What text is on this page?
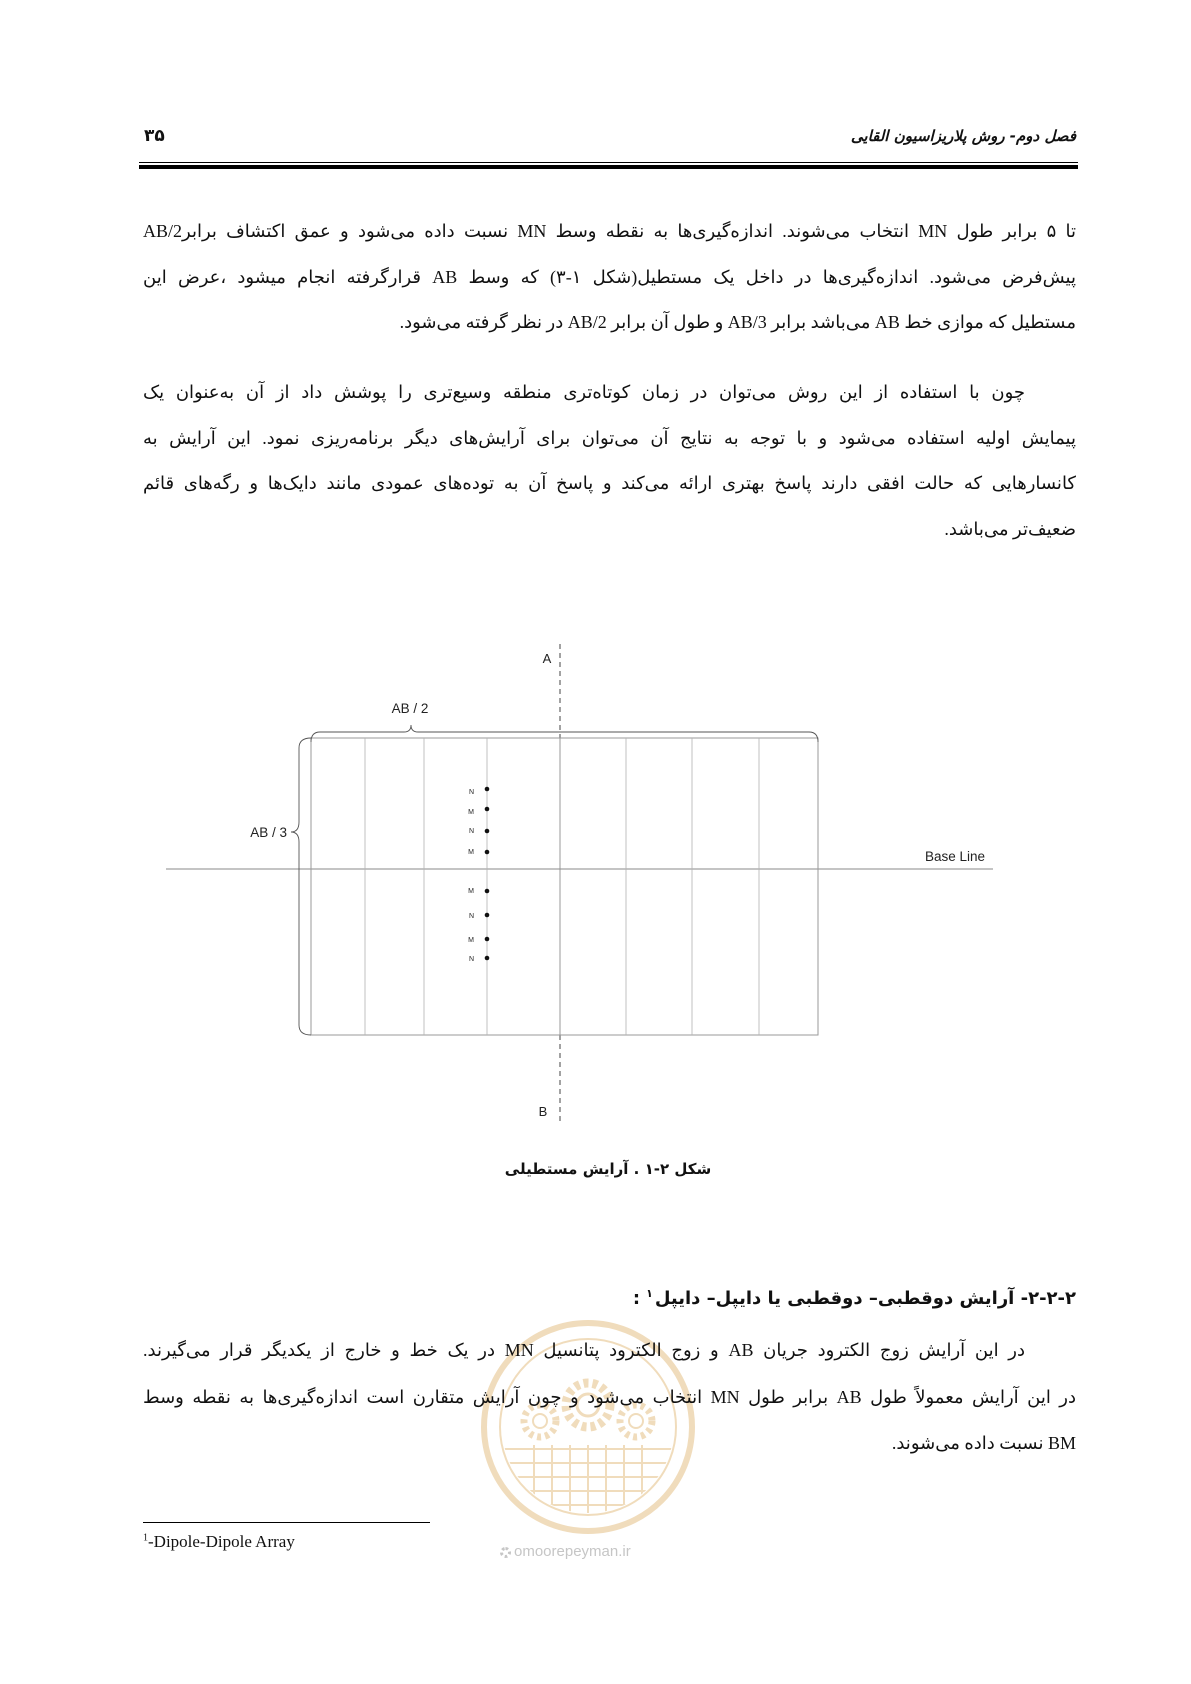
omoorepeyman.ir
فصل دوم- روش پلاریزاسیون القایی
۳۵
تا ۵ برابر طول MN انتخاب می‌شوند. اندازه‌گیری‌ها به نقطه وسط MN نسبت داده می‌شود و عمق اکتشاف برابرAB/2
پیش‌فرض می‌شود. اندازه‌گیری‌ها در داخل یک مستطیل(شکل ۱-۳) که وسط AB قرارگرفته انجام میشود ،عرض این
مستطیل که موازی خط AB می‌باشد برابر AB/3 و طول آن برابر AB/2 در نظر گرفته می‌شود.
چون با استفاده از این روش می‌توان در زمان کوتاه‌تری منطقه وسیع‌تری را پوشش داد از آن به‌عنوان یک
پیمایش اولیه استفاده می‌شود و با توجه به نتایج آن می‌توان برای آرایش‌های دیگر برنامه‌ریزی نمود. این آرایش به
کانسارهایی که حالت افقی دارند پاسخ بهتری ارائه می‌کند و پاسخ آن به توده‌های عمودی مانند دایک‌ها و رگه‌های قائم
ضعیف‌تر می‌باشد.
A
B
Base Line
AB / 2
AB / 3
N
M
N
M
M
N
M
N
شکل ۲-۱ . آرایش مستطیلی
۲-۲-۲- آرایش دوقطبی– دوقطبی یا دایپل– دایپل$^۱$:
در این آرایش زوج الکترود جریان AB و زوج الکترود پتانسیل MN در یک خط و خارج از یکدیگر قرار می‌گیرند.
در این آرایش معمولاً طول AB برابر طول MN انتخاب می‌شود و چون آرایش متقارن است اندازه‌گیری‌ها به نقطه وسط
BM نسبت داده می‌شوند.
$^1$-Dipole-Dipole Array
